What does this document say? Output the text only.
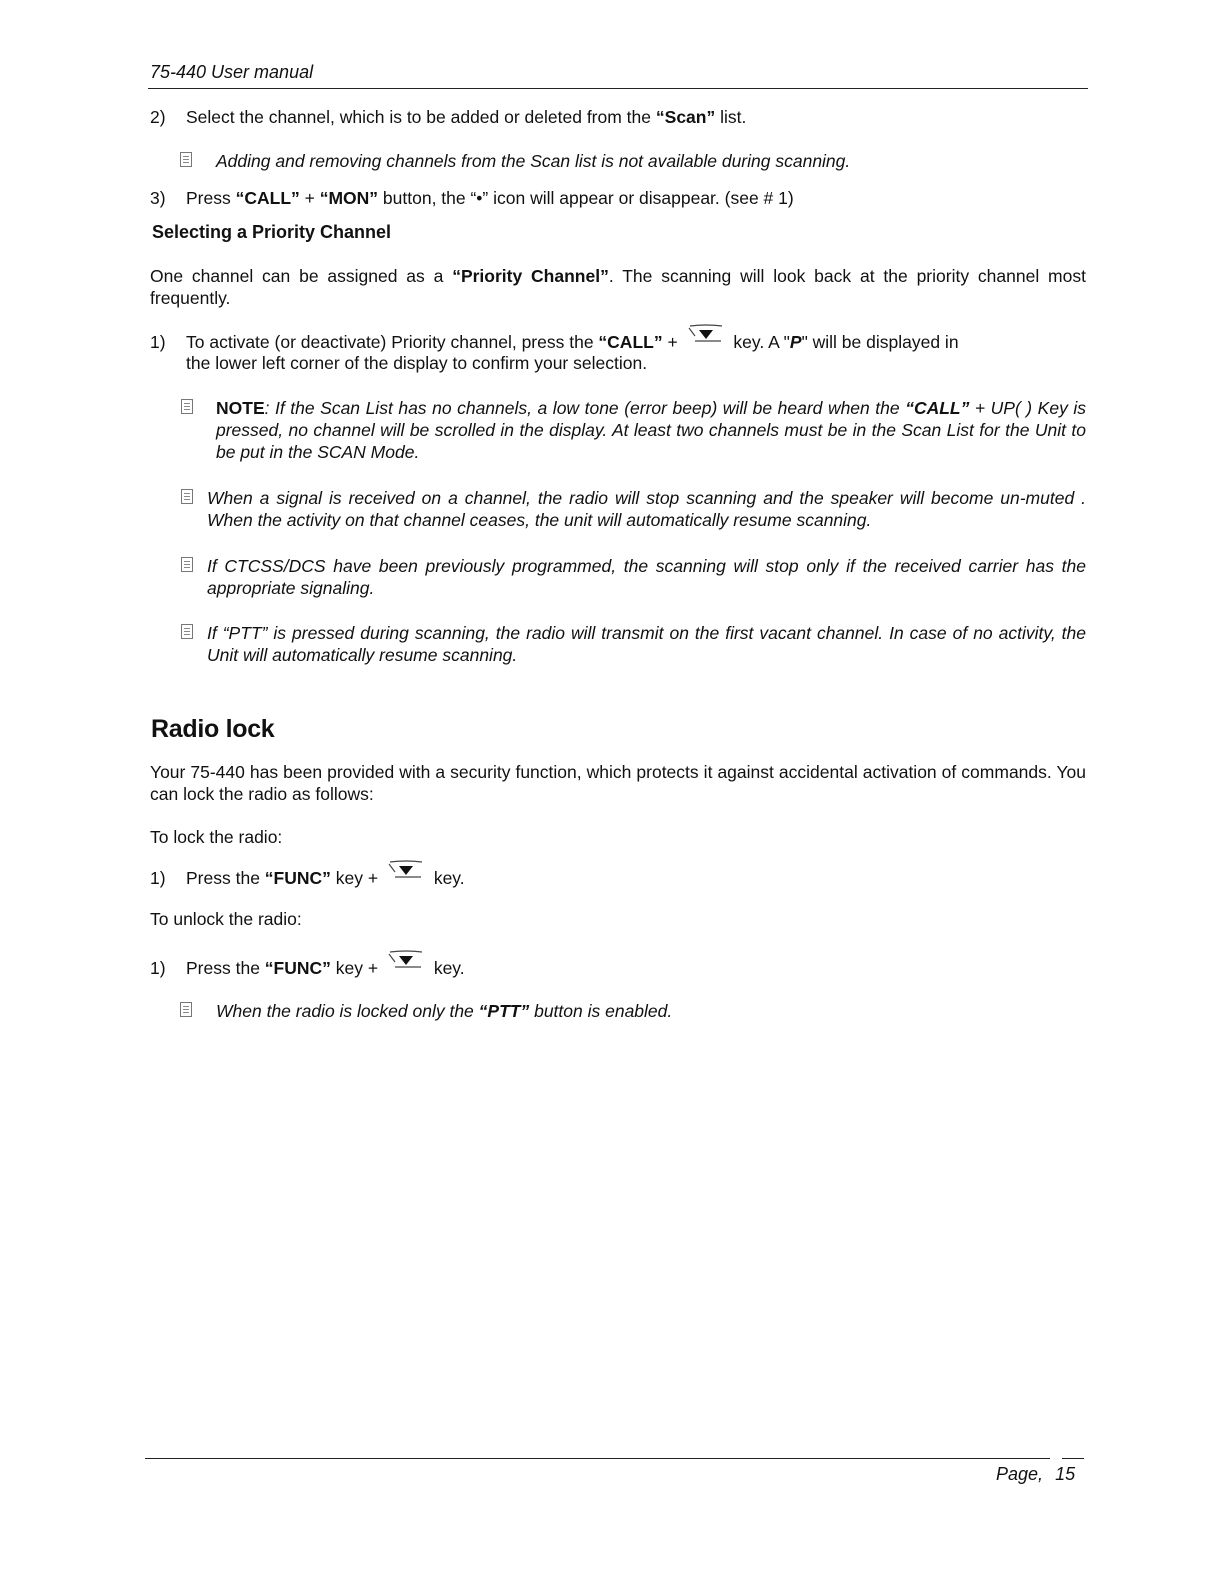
75-440 User manual
2) Select the channel, which is to be added or deleted from the “Scan” list.
Adding and removing channels from the Scan list is not available during scanning.
3) Press “CALL” + “MON” button, the “•” icon will appear or disappear. (see # 1)
Selecting a Priority Channel
One channel can be assigned as a “Priority Channel”. The scanning will look back at the priority channel most frequently.
1) To activate (or deactivate) Priority channel, press the “CALL” +	key. A "P" will be displayed in
the lower left corner of the display to confirm your selection.
NOTE: If the Scan List has no channels, a low tone (error beep) will be heard when the “CALL” + UP( ) Key is pressed, no channel will be scrolled in the display. At least two channels must be in the Scan List for the Unit to be put in the SCAN Mode.
When a signal is received on a channel, the radio will stop scanning and the speaker will become un-muted . When the activity on that channel ceases, the unit will automatically resume scanning.
If CTCSS/DCS have been previously programmed, the scanning will stop only if the received carrier has the appropriate signaling.
If “PTT” is pressed during scanning, the radio will transmit on the first vacant channel. In case of no activity, the Unit will automatically resume scanning.
Radio lock
Your 75-440 has been provided with a security function, which protects it against accidental activation of commands. You can lock the radio as follows:
To lock the radio:
1) Press the “FUNC” key +	key.
To unlock the radio:
1) Press the “FUNC” key +	key.
When the radio is locked only the “PTT” button is enabled.
Page, 15
